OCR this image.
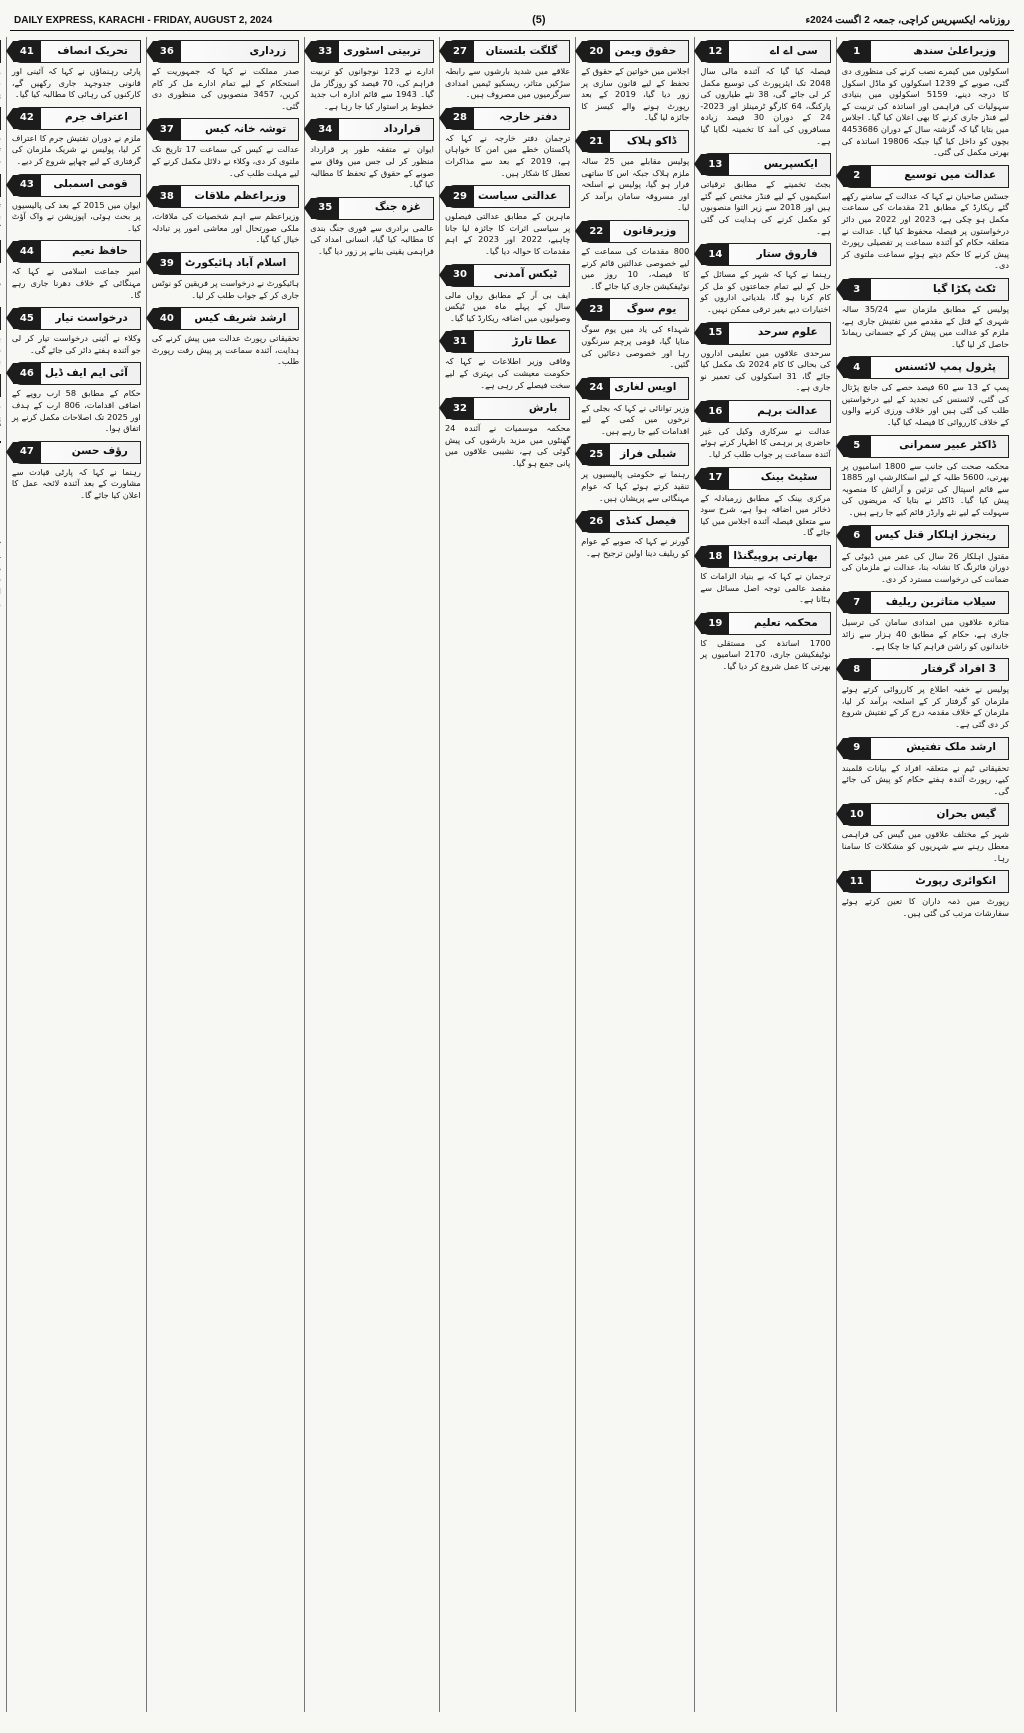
DAILY EXPRESS, KARACHI - FRIDAY, AUGUST 2, 2024	(5)	روزنامہ ایکسپریس کراچی، جمعہ 2 اگست 2024ء
وزیراعلیٰ سندھ
1

اسکولوں میں کیمرے نصب کرنے کی منظوری دی گئی، صوبے کے 1239 اسکولوں کو ماڈل اسکول کا درجہ دینے، 5159 اسکولوں میں بنیادی سہولیات کی فراہمی اور اساتذہ کی تربیت کے لیے فنڈز جاری کرنے کا بھی اعلان کیا گیا۔ اجلاس میں بتایا گیا کہ گزشتہ سال کے دوران 4453686 بچوں کو داخل کیا گیا جبکہ 19806 اساتذہ کی بھرتی مکمل کی گئی۔

عدالت میں توسیع
2

جسٹس صاحبان نے کہا کہ عدالت کے سامنے رکھے گئے ریکارڈ کے مطابق 21 مقدمات کی سماعت مکمل ہو چکی ہے، 2023 اور 2022 میں دائر درخواستوں پر فیصلہ محفوظ کیا گیا۔ عدالت نے متعلقہ حکام کو آئندہ سماعت پر تفصیلی رپورٹ پیش کرنے کا حکم دیتے ہوئے سماعت ملتوی کر دی۔

ٹکٹ پکڑا گیا
3

پولیس کے مطابق ملزمان سے 35/24 سالہ شہری کے قتل کے مقدمے میں تفتیش جاری ہے، ملزم کو عدالت میں پیش کر کے جسمانی ریمانڈ حاصل کر لیا گیا۔

پٹرول پمپ لائسنس
4

پمپ کے 13 سے 60 فیصد حصے کی جانچ پڑتال کی گئی، لائسنس کی تجدید کے لیے درخواستیں طلب کی گئی ہیں اور خلاف ورزی کرنے والوں کے خلاف کارروائی کا فیصلہ کیا گیا۔

ڈاکٹر عبیر سمرانی
5

محکمہ صحت کی جانب سے 1800 اسامیوں پر بھرتی، 5600 طلبہ کے لیے اسکالرشپ اور 1885 سے قائم اسپتال کی تزئین و آرائش کا منصوبہ پیش کیا گیا۔ ڈاکٹر نے بتایا کہ مریضوں کی سہولت کے لیے نئے وارڈز قائم کیے جا رہے ہیں۔

رینجرز اہلکار قتل کیس
6

مقتول اہلکار 26 سال کی عمر میں ڈیوٹی کے دوران فائرنگ کا نشانہ بنا، عدالت نے ملزمان کی ضمانت کی درخواست مسترد کر دی۔

سیلاب متاثرین ریلیف
7

متاثرہ علاقوں میں امدادی سامان کی ترسیل جاری ہے، حکام کے مطابق 40 ہزار سے زائد خاندانوں کو راشن فراہم کیا جا چکا ہے۔

3 افراد گرفتار
8

پولیس نے خفیہ اطلاع پر کارروائی کرتے ہوئے ملزمان کو گرفتار کر کے اسلحہ برآمد کر لیا، ملزمان کے خلاف مقدمہ درج کر کے تفتیش شروع کر دی گئی ہے۔

ارشد ملک تفتیش
9

تحقیقاتی ٹیم نے متعلقہ افراد کے بیانات قلمبند کیے، رپورٹ آئندہ ہفتے حکام کو پیش کی جائے گی۔

گیس بحران
10

شہر کے مختلف علاقوں میں گیس کی فراہمی معطل رہنے سے شہریوں کو مشکلات کا سامنا رہا۔

انکوائری رپورٹ
11

رپورٹ میں ذمہ داران کا تعین کرتے ہوئے سفارشات مرتب کی گئی ہیں۔

سی اے اے
12

فیصلہ کیا گیا کہ آئندہ مالی سال 2048 تک ایئرپورٹ کی توسیع مکمل کر لی جائے گی، 38 نئے طیاروں کی پارکنگ، 64 کارگو ٹرمینلز اور 2023-24 کے دوران 30 فیصد زیادہ مسافروں کی آمد کا تخمینہ لگایا گیا ہے۔

ایکسپریس
13

بجٹ تخمینے کے مطابق ترقیاتی اسکیموں کے لیے فنڈز مختص کیے گئے ہیں اور 2018 سے زیر التوا منصوبوں کو مکمل کرنے کی ہدایت کی گئی ہے۔

فاروق ستار
14

رہنما نے کہا کہ شہر کے مسائل کے حل کے لیے تمام جماعتوں کو مل کر کام کرنا ہو گا، بلدیاتی اداروں کو اختیارات دیے بغیر ترقی ممکن نہیں۔

علوم سرحد
15

سرحدی علاقوں میں تعلیمی اداروں کی بحالی کا کام 2024 تک مکمل کیا جائے گا، 31 اسکولوں کی تعمیر نو جاری ہے۔

عدالت برہم
16

عدالت نے سرکاری وکیل کی غیر حاضری پر برہمی کا اظہار کرتے ہوئے آئندہ سماعت پر جواب طلب کر لیا۔

سٹیٹ بینک
17

مرکزی بینک کے مطابق زرمبادلہ کے ذخائر میں اضافہ ہوا ہے، شرح سود سے متعلق فیصلہ آئندہ اجلاس میں کیا جائے گا۔

بھارتی پروپیگنڈا
18

ترجمان نے کہا کہ بے بنیاد الزامات کا مقصد عالمی توجہ اصل مسائل سے ہٹانا ہے۔

محکمہ تعلیم
19

1700 اساتذہ کی مستقلی کا نوٹیفکیشن جاری، 2170 اسامیوں پر بھرتی کا عمل شروع کر دیا گیا۔

حقوق ویمن
20

اجلاس میں خواتین کے حقوق کے تحفظ کے لیے قانون سازی پر زور دیا گیا، 2019 کے بعد رپورٹ ہونے والے کیسز کا جائزہ لیا گیا۔

ڈاکو ہلاک
21

پولیس مقابلے میں 25 سالہ ملزم ہلاک جبکہ اس کا ساتھی فرار ہو گیا، پولیس نے اسلحہ اور مسروقہ سامان برآمد کر لیا۔

وزیرقانون
22

800 مقدمات کی سماعت کے لیے خصوصی عدالتیں قائم کرنے کا فیصلہ، 10 روز میں نوٹیفکیشن جاری کیا جائے گا۔

یوم سوگ
23

شہداء کی یاد میں یوم سوگ منایا گیا، قومی پرچم سرنگوں رہا اور خصوصی دعائیں کی گئیں۔

اویس لغاری
24

وزیر توانائی نے کہا کہ بجلی کے نرخوں میں کمی کے لیے اقدامات کیے جا رہے ہیں۔

شبلی فراز
25

رہنما نے حکومتی پالیسیوں پر تنقید کرتے ہوئے کہا کہ عوام مہنگائی سے پریشان ہیں۔

فیصل کنڈی
26

گورنر نے کہا کہ صوبے کے عوام کو ریلیف دینا اولین ترجیح ہے۔

گلگت بلتستان
27

علاقے میں شدید بارشوں سے رابطہ سڑکیں متاثر، ریسکیو ٹیمیں امدادی سرگرمیوں میں مصروف ہیں۔

دفتر خارجہ
28

ترجمان دفتر خارجہ نے کہا کہ پاکستان خطے میں امن کا خواہاں ہے، 2019 کے بعد سے مذاکرات تعطل کا شکار ہیں۔

عدالتی سیاست
29

ماہرین کے مطابق عدالتی فیصلوں پر سیاسی اثرات کا جائزہ لیا جانا چاہیے، 2022 اور 2023 کے اہم مقدمات کا حوالہ دیا گیا۔

ٹیکس آمدنی
30

ایف بی آر کے مطابق رواں مالی سال کے پہلے ماہ میں ٹیکس وصولیوں میں اضافہ ریکارڈ کیا گیا۔

عطا تارڑ
31

وفاقی وزیر اطلاعات نے کہا کہ حکومت معیشت کی بہتری کے لیے سخت فیصلے کر رہی ہے۔

بارش
32

محکمہ موسمیات نے آئندہ 24 گھنٹوں میں مزید بارشوں کی پیش گوئی کی ہے، نشیبی علاقوں میں پانی جمع ہو گیا۔

تربیتی اسٹوری
33

ادارے نے 123 نوجوانوں کو تربیت فراہم کی، 70 فیصد کو روزگار مل گیا۔ 1943 سے قائم ادارہ اب جدید خطوط پر استوار کیا جا رہا ہے۔

قرارداد
34

ایوان نے متفقہ طور پر قرارداد منظور کر لی جس میں وفاق سے صوبے کے حقوق کے تحفظ کا مطالبہ کیا گیا۔

غزہ جنگ
35

عالمی برادری سے فوری جنگ بندی کا مطالبہ کیا گیا، انسانی امداد کی فراہمی یقینی بنانے پر زور دیا گیا۔

زرداری
36

صدر مملکت نے کہا کہ جمہوریت کے استحکام کے لیے تمام ادارے مل کر کام کریں، 3457 منصوبوں کی منظوری دی گئی۔

توشہ خانہ کیس
37

عدالت نے کیس کی سماعت 17 تاریخ تک ملتوی کر دی، وکلاء نے دلائل مکمل کرنے کے لیے مہلت طلب کی۔

وزیراعظم ملاقات
38

وزیراعظم سے اہم شخصیات کی ملاقات، ملکی صورتحال اور معاشی امور پر تبادلہ خیال کیا گیا۔

اسلام آباد ہائیکورٹ
39

ہائیکورٹ نے درخواست پر فریقین کو نوٹس جاری کر کے جواب طلب کر لیا۔

ارشد شریف کیس
40

تحقیقاتی رپورٹ عدالت میں پیش کرنے کی ہدایت، آئندہ سماعت پر پیش رفت رپورٹ طلب۔

تحریک انصاف
41

پارٹی رہنماؤں نے کہا کہ آئینی اور قانونی جدوجہد جاری رکھیں گے، کارکنوں کی رہائی کا مطالبہ کیا گیا۔

اعتراف جرم
42

ملزم نے دوران تفتیش جرم کا اعتراف کر لیا، پولیس نے شریک ملزمان کی گرفتاری کے لیے چھاپے شروع کر دیے۔

قومی اسمبلی
43

ایوان میں 2015 کے بعد کی پالیسیوں پر بحث ہوئی، اپوزیشن نے واک آؤٹ کیا۔

حافظ نعیم
44

امیر جماعت اسلامی نے کہا کہ مہنگائی کے خلاف دھرنا جاری رہے گا۔

درخواست تیار
45

وکلاء نے آئینی درخواست تیار کر لی جو آئندہ ہفتے دائر کی جائے گی۔

آئی ایم ایف ڈیل
46

حکام کے مطابق 58 ارب روپے کے اضافی اقدامات، 806 ارب کے ہدف اور 2025 تک اصلاحات مکمل کرنے پر اتفاق ہوا۔

رؤف حسن
47

رہنما نے کہا کہ پارٹی قیادت سے مشاورت کے بعد آئندہ لائحہ عمل کا اعلان کیا جائے گا۔
